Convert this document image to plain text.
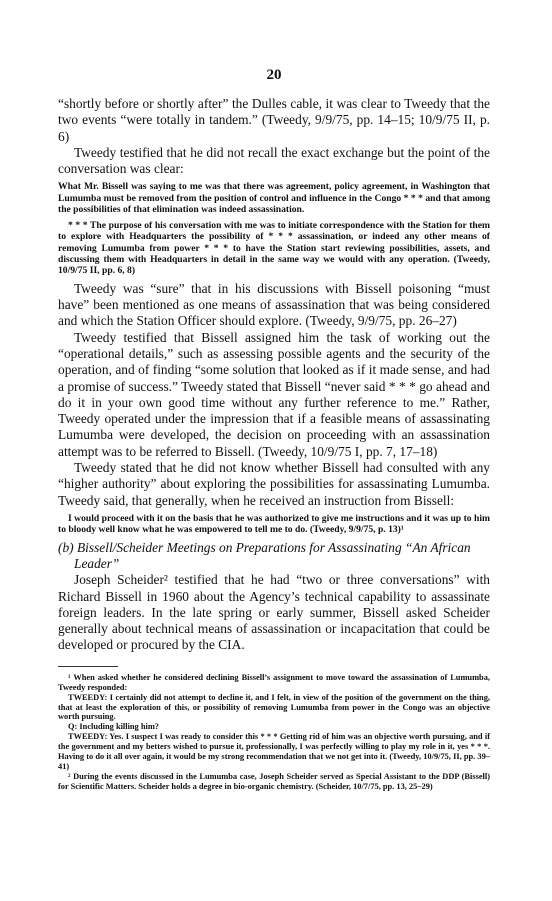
20

“shortly before or shortly after” the Dulles cable, it was clear to Tweedy that the two events “were totally in tandem.” (Tweedy, 9/9/75, pp. 14–15; 10/9/75 II, p. 6)

Tweedy testified that he did not recall the exact exchange but the point of the conversation was clear:

What Mr. Bissell was saying to me was that there was agreement, policy agreement, in Washington that Lumumba must be removed from the position of control and influence in the Congo * * * and that among the possibilities of that elimination was indeed assassination.

* * * The purpose of his conversation with me was to initiate correspondence with the Station for them to explore with Headquarters the possibility of * * * assassination, or indeed any other means of removing Lumumba from power * * * to have the Station start reviewing possibilities, assets, and discussing them with Headquarters in detail in the same way we would with any operation. (Tweedy, 10/9/75 II, pp. 6, 8)

Tweedy was “sure” that in his discussions with Bissell poisoning “must have” been mentioned as one means of assassination that was being considered and which the Station Officer should explore. (Tweedy, 9/9/75, pp. 26–27)

Tweedy testified that Bissell assigned him the task of working out the “operational details,” such as assessing possible agents and the security of the operation, and of finding “some solution that looked as if it made sense, and had a promise of success.” Tweedy stated that Bissell “never said * * * go ahead and do it in your own good time without any further reference to me.” Rather, Tweedy operated under the impression that if a feasible means of assassinating Lumumba were developed, the decision on proceeding with an assassination attempt was to be referred to Bissell. (Tweedy, 10/9/75 I, pp. 7, 17–18)

Tweedy stated that he did not know whether Bissell had consulted with any “higher authority” about exploring the possibilities for assassinating Lumumba. Tweedy said, that generally, when he received an instruction from Bissell:

I would proceed with it on the basis that he was authorized to give me instructions and it was up to him to bloody well know what he was empowered to tell me to do. (Tweedy, 9/9/75, p. 13)¹

(b) Bissell/Scheider Meetings on Preparations for Assassinating “An African Leader”

Joseph Scheider² testified that he had “two or three conversations” with Richard Bissell in 1960 about the Agency’s technical capability to assassinate foreign leaders. In the late spring or early summer, Bissell asked Scheider generally about technical means of assassination or incapacitation that could be developed or procured by the CIA.

¹ When asked whether he considered declining Bissell’s assignment to move toward the assassination of Lumumba, Tweedy responded:

TWEEDY: I certainly did not attempt to decline it, and I felt, in view of the position of the government on the thing, that at least the exploration of this, or possibility of removing Lumumba from power in the Congo was an objective worth pursuing.

Q: Including killing him?

TWEEDY: Yes. I suspect I was ready to consider this * * * Getting rid of him was an objective worth pursuing, and if the government and my betters wished to pursue it, professionally, I was perfectly willing to play my role in it, yes * * *. Having to do it all over again, it would be my strong recommendation that we not get into it. (Tweedy, 10/9/75, II, pp. 39–41)

² During the events discussed in the Lumumba case, Joseph Scheider served as Special Assistant to the DDP (Bissell) for Scientific Matters. Scheider holds a degree in bio-organic chemistry. (Scheider, 10/7/75, pp. 13, 25–29)
